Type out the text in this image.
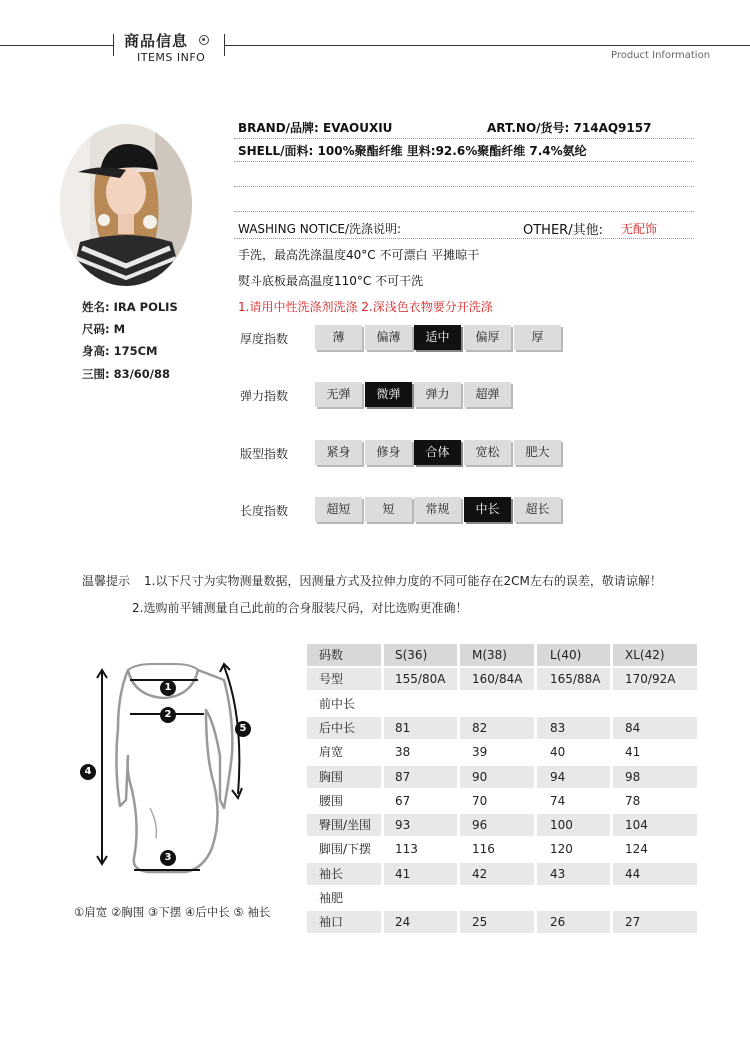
商品信息
ITEMS INFO	Product Information
姓名: IRA POLIS
尺码: M
身高: 175CM
三围: 83/60/88
BRAND/品牌: EVAOUXIU	ART.NO/货号: 714AQ9157
SHELL/面料: 100%聚酯纤维 里料:92.6%聚酯纤维 7.4%氨纶
WASHING NOTICE/洗涤说明:	OTHER/其他: 无配饰
手洗，最高洗涤温度40°C 不可漂白 平摊晾干
熨斗底板最高温度110°C 不可干洗
1.请用中性洗涤剂洗涤 2.深浅色衣物要分开洗涤
厚度指数	薄	偏薄	适中	偏厚	厚
弹力指数	无弹	微弹	弹力	超弹
版型指数	紧身	修身	合体	宽松	肥大
长度指数	超短	短	常规	中长	超长
温馨提示 1.以下尺寸为实物测量数据，因测量方式及拉伸力度的不同可能存在2CM左右的误差，敬请谅解！
2.选购前平铺测量自己此前的合身服装尺码，对比选购更准确！
1
2
3
4
5
①肩宽 ②胸围 ③下摆 ④后中长 ⑤ 袖长
码数	S(36)	M(38)	L(40)	XL(42)
号型	155/80A 160/84A 165/88A 170/92A
前中长
后中长	81	82	83	84
肩宽	38	39	40	41
胸围	87	90	94	98
腰围	67	70	74	78
臀围/坐围 93	96	100	104
脚围/下摆 113	116	120	124
袖长	41	42	43	44
袖肥
袖口	24	25	26	27
